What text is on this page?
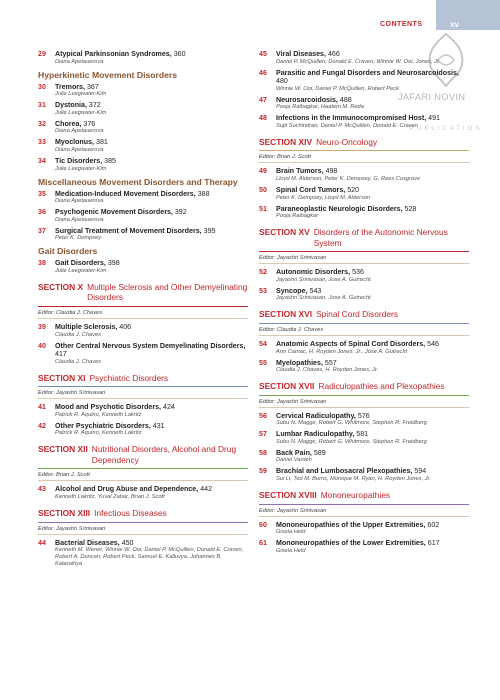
xv
CONTENTS
JAFARI NOVIN
PUBLICATION
29 Atypical Parkinsonian Syndromes, 360
Diana Apetauerova
Hyperkinetic Movement Disorders
30 Tremors, 367
Julie Leegwater-Kim
31 Dystonia, 372
Julie Leegwater-Kim
32 Chorea, 376
Diana Apetauerova
33 Myoclonus, 381
Diana Apetauerova
34 Tic Disorders, 385
Julie Leegwater-Kim
Miscellaneous Movement Disorders and Therapy
35 Medication-Induced Movement Disorders, 388
Diana Apetauerova
36 Psychogenic Movement Disorders, 392
Diana Apetauerova
37 Surgical Treatment of Movement Disorders, 395
Peter K. Dempsey
Gait Disorders
38 Gait Disorders, 398
Julie Leegwater-Kim
SECTION X Multiple Sclerosis and Other Demyelinating Disorders
Editor: Claudia J. Chaves
39 Multiple Sclerosis, 406
Claudia J. Chaves
40 Other Central Nervous System Demyelinating Disorders, 417
Claudia J. Chaves
SECTION XI Psychiatric Disorders
Editor: Jayashri Srinivasan
41 Mood and Psychotic Disorders, 424
Patrick R. Aquino, Kenneth Lakritz
42 Other Psychiatric Disorders, 431
Patrick R. Aquino, Kenneth Lakritz
SECTION XII Nutritional Disorders, Alcohol and Drug Dependency
Editor: Brian J. Scott
43 Alcohol and Drug Abuse and Dependence, 442
Kenneth Lakritz, Yuval Zabar, Brian J. Scott
SECTION XIII Infectious Diseases
Editor: Jayashri Srinivasan
44 Bacterial Diseases, 450
Kenneth M. Wener, Winnie W. Ooi, Daniel P. McQuillen, Donald E. Craven, Robert A. Duncan, Robert Peck, Samuel E. Kalluvya, Johannes B. Kataraihya
45 Viral Diseases, 466
Daniel P. McQuillen, Donald E. Craven, Winnie W. Ooi, Jones, Jr.
46 Parasitic and Fungal Disorders and Neurosarcoidosis, 480
Winnie W. Ooi, Daniel P. McQuillen, Robert Peck
47 Neurosarcoidosis, 488
Pooja Raibagkar, Haatem M. Reda
48 Infections in the Immunocompromised Host, 491
Sujit Suchindran, Daniel P. McQuillen, Donald E. Craven
SECTION XIV Neuro-Oncology
Editor: Brian J. Scott
49 Brain Tumors, 498
Lloyd M. Alderson, Peter K. Dempsey, G. Rees Cosgrove
50 Spinal Cord Tumors, 520
Peter K. Dempsey, Lloyd M. Alderson
51 Paraneoplastic Neurologic Disorders, 528
Pooja Raibagkar
SECTION XV Disorders of the Autonomic Nervous System
Editor: Jayashri Srinivasan
52 Autonomic Disorders, 536
Jayashri Srinivasan, Jose A. Gutrecht
53 Syncope, 543
Jayashri Srinivasan, Jose A. Gutrecht
SECTION XVI Spinal Cord Disorders
Editor: Claudia J. Chaves
54 Anatomic Aspects of Spinal Cord Disorders, 546
Ann Camac, H. Royden Jones, Jr., Jose A. Gutrecht
55 Myelopathies, 557
Claudia J. Chaves, H. Royden Jones, Jr.
SECTION XVII Radiculopathies and Plexopathies
Editor: Jayashri Srinivasan
56 Cervical Radiculopathy, 576
Subu N. Magge, Robert G. Whitmore, Stephen R. Freidberg
57 Lumbar Radiculopathy, 581
Subu N. Magge, Robert G. Whitmore, Stephen R. Freidberg
58 Back Pain, 589
Daniel Vardeh
59 Brachial and Lumbosacral Plexopathies, 594
Sui Li, Ted M. Burns, Monique M. Ryan, H. Royden Jones, Jr.
SECTION XVIII Mononeuropathies
Editor: Jayashri Srinivasan
60 Mononeuropathies of the Upper Extremities, 602
Gisela Held
61 Mononeuropathies of the Lower Extremities, 617
Gisela Held
